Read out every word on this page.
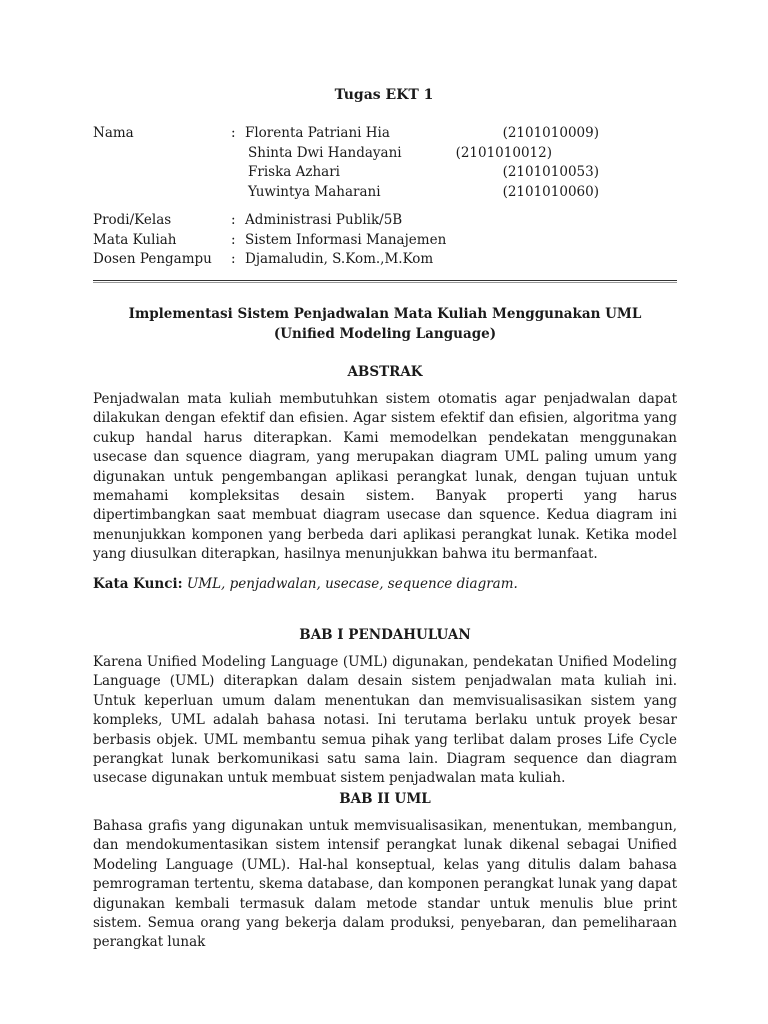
Tugas EKT 1
Nama	: Florenta Patriani Hia	(2101010009)
Shinta Dwi Handayani	(2101010012)
Friska Azhari	(2101010053)
Yuwintya Maharani	(2101010060)
Prodi/Kelas	: Administrasi Publik/5B
Mata Kuliah	: Sistem Informasi Manajemen
Dosen Pengampu : Djamaludin, S.Kom.,M.Kom
Implementasi Sistem Penjadwalan Mata Kuliah Menggunakan UML (Unified Modeling Language)
ABSTRAK
Penjadwalan mata kuliah membutuhkan sistem otomatis agar penjadwalan dapat dilakukan dengan efektif dan efisien. Agar sistem efektif dan efisien, algoritma yang cukup handal harus diterapkan. Kami memodelkan pendekatan menggunakan usecase dan squence diagram, yang merupakan diagram UML paling umum yang digunakan untuk pengembangan aplikasi perangkat lunak, dengan tujuan untuk memahami kompleksitas desain sistem. Banyak properti yang harus dipertimbangkan saat membuat diagram usecase dan squence. Kedua diagram ini menunjukkan komponen yang berbeda dari aplikasi perangkat lunak. Ketika model yang diusulkan diterapkan, hasilnya menunjukkan bahwa itu bermanfaat.
Kata Kunci: UML, penjadwalan, usecase, sequence diagram.
BAB I PENDAHULUAN
Karena Unified Modeling Language (UML) digunakan, pendekatan Unified Modeling Language (UML) diterapkan dalam desain sistem penjadwalan mata kuliah ini. Untuk keperluan umum dalam menentukan dan memvisualisasikan sistem yang kompleks, UML adalah bahasa notasi. Ini terutama berlaku untuk proyek besar berbasis objek. UML membantu semua pihak yang terlibat dalam proses Life Cycle perangkat lunak berkomunikasi satu sama lain. Diagram sequence dan diagram usecase digunakan untuk membuat sistem penjadwalan mata kuliah.
BAB II UML
Bahasa grafis yang digunakan untuk memvisualisasikan, menentukan, membangun, dan mendokumentasikan sistem intensif perangkat lunak dikenal sebagai Unified Modeling Language (UML). Hal-hal konseptual, kelas yang ditulis dalam bahasa pemrograman tertentu, skema database, dan komponen perangkat lunak yang dapat digunakan kembali termasuk dalam metode standar untuk menulis blue print sistem. Semua orang yang bekerja dalam produksi, penyebaran, dan pemeliharaan perangkat lunak
